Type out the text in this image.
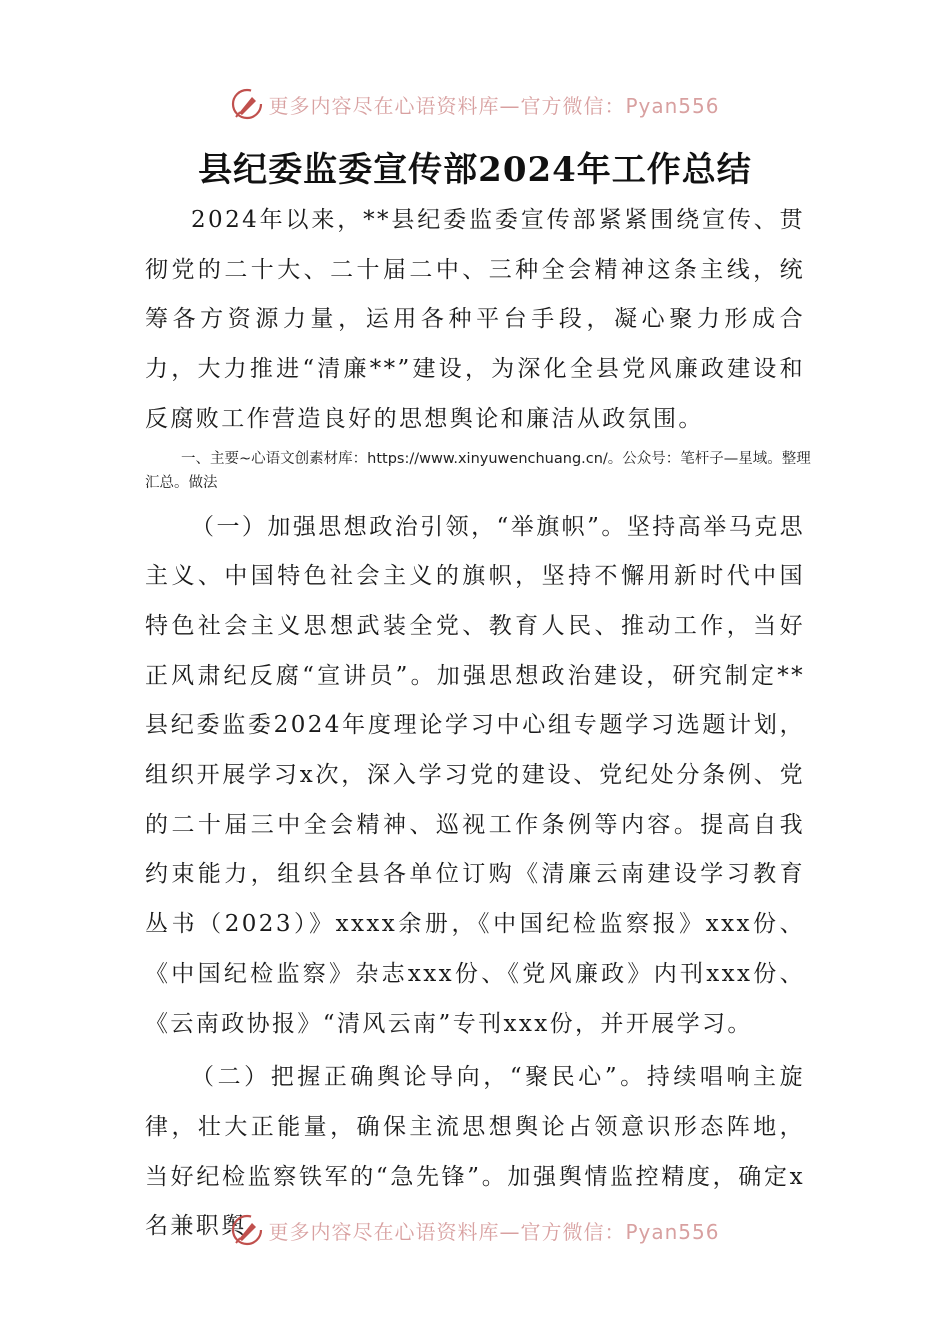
更多内容尽在心语资料库—官方微信：Pyan556
县纪委监委宣传部2024年工作总结

2024年以来，**县纪委监委宣传部紧紧围绕宣传、贯彻党的二十大、二十届二中、三种全会精神这条主线，统筹各方资源力量，运用各种平台手段，凝心聚力形成合力，大力推进“清廉**”建设，为深化全县党风廉政建设和反腐败工作营造良好的思想舆论和廉洁从政氛围。

一、主要~心语文创素材库：https://www.xinyuwenchuang.cn/。公众号：笔杆子—星域。整理汇总。做法

（一）加强思想政治引领，“举旗帜”。坚持高举马克思主义、中国特色社会主义的旗帜，坚持不懈用新时代中国特色社会主义思想武装全党、教育人民、推动工作，当好正风肃纪反腐“宣讲员”。加强思想政治建设，研究制定**县纪委监委2024年度理论学习中心组专题学习选题计划，组织开展学习x次，深入学习党的建设、党纪处分条例、党的二十届三中全会精神、巡视工作条例等内容。提高自我约束能力，组织全县各单位订购《清廉云南建设学习教育丛书（2023）》xxxx余册，《中国纪检监察报》xxx份、《中国纪检监察》杂志xxx份、《党风廉政》内刊xxx份、《云南政协报》“清风云南”专刊xxx份，并开展学习。

（二）把握正确舆论导向，“聚民心”。持续唱响主旋律，壮大正能量，确保主流思想舆论占领意识形态阵地，当好纪检监察铁军的“急先锋”。加强舆情监控精度，确定x名兼职舆	更多内容尽在心语资料库—官方微信：Pyan556
